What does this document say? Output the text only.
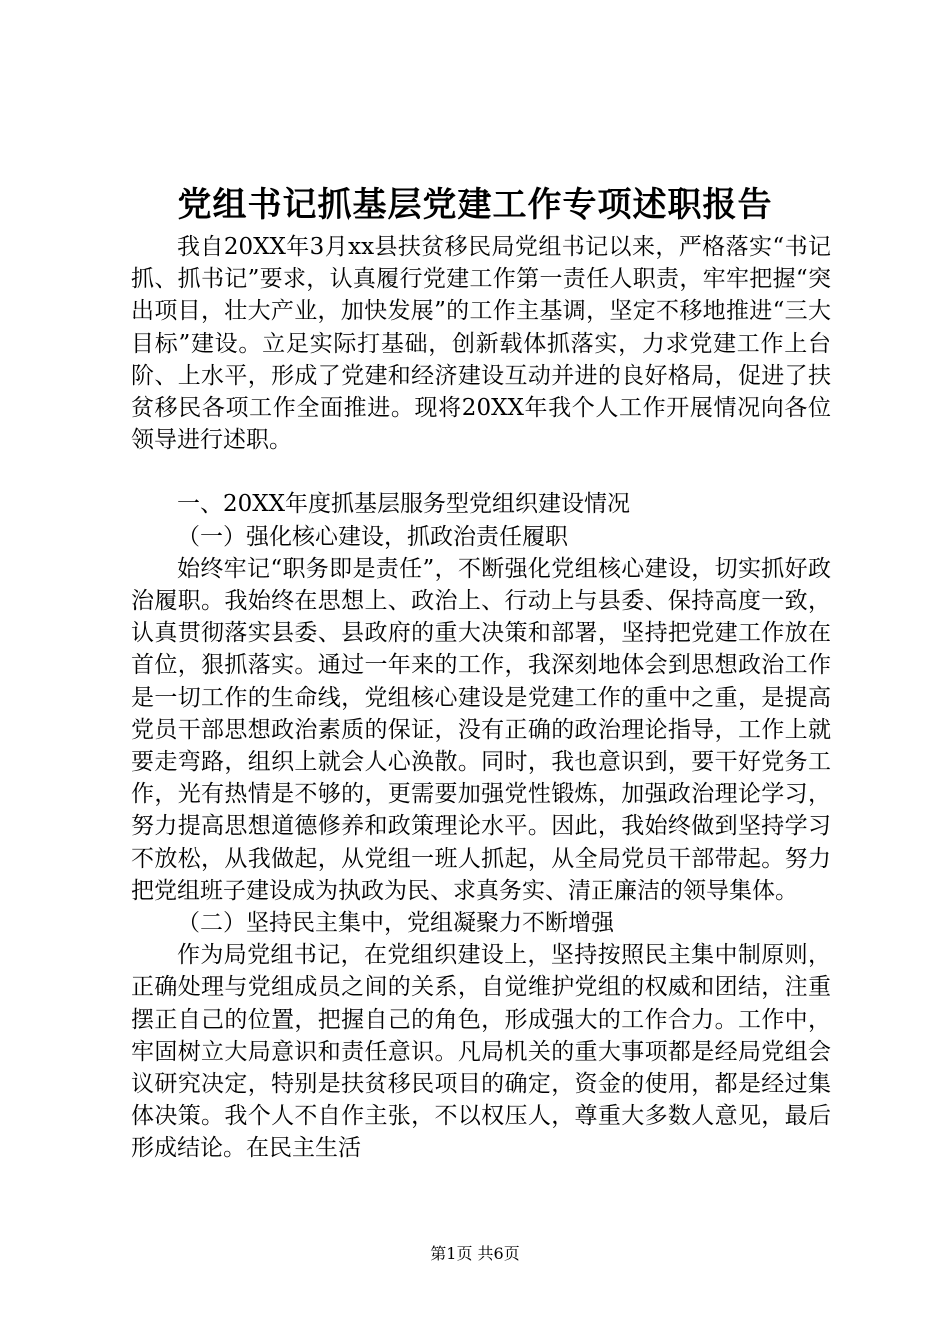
党组书记抓基层党建工作专项述职报告

我自20XX年3月xx县扶贫移民局党组书记以来，严格落实“书记抓、抓书记”要求，认真履行党建工作第一责任人职责，牢牢把握“突出项目，壮大产业，加快发展”的工作主基调，坚定不移地推进“三大目标”建设。立足实际打基础，创新载体抓落实，力求党建工作上台阶、上水平，形成了党建和经济建设互动并进的良好格局，促进了扶贫移民各项工作全面推进。现将20XX年我个人工作开展情况向各位领导进行述职。

一、20XX年度抓基层服务型党组织建设情况

（一）强化核心建设，抓政治责任履职

始终牢记“职务即是责任”，不断强化党组核心建设，切实抓好政治履职。我始终在思想上、政治上、行动上与县委、保持高度一致，认真贯彻落实县委、县政府的重大决策和部署，坚持把党建工作放在首位，狠抓落实。通过一年来的工作，我深刻地体会到思想政治工作是一切工作的生命线，党组核心建设是党建工作的重中之重，是提高党员干部思想政治素质的保证，没有正确的政治理论指导，工作上就要走弯路，组织上就会人心涣散。同时，我也意识到，要干好党务工作，光有热情是不够的，更需要加强党性锻炼，加强政治理论学习，努力提高思想道德修养和政策理论水平。因此，我始终做到坚持学习不放松，从我做起，从党组一班人抓起，从全局党员干部带起。努力把党组班子建设成为执政为民、求真务实、清正廉洁的领导集体。

（二）坚持民主集中，党组凝聚力不断增强

作为局党组书记，在党组织建设上，坚持按照民主集中制原则，正确处理与党组成员之间的关系，自觉维护党组的权威和团结，注重摆正自己的位置，把握自己的角色，形成强大的工作合力。工作中，牢固树立大局意识和责任意识。凡局机关的重大事项都是经局党组会议研究决定，特别是扶贫移民项目的确定，资金的使用，都是经过集体决策。我个人不自作主张，不以权压人，尊重大多数人意见，最后形成结论。在民主生活

第1页 共6页
